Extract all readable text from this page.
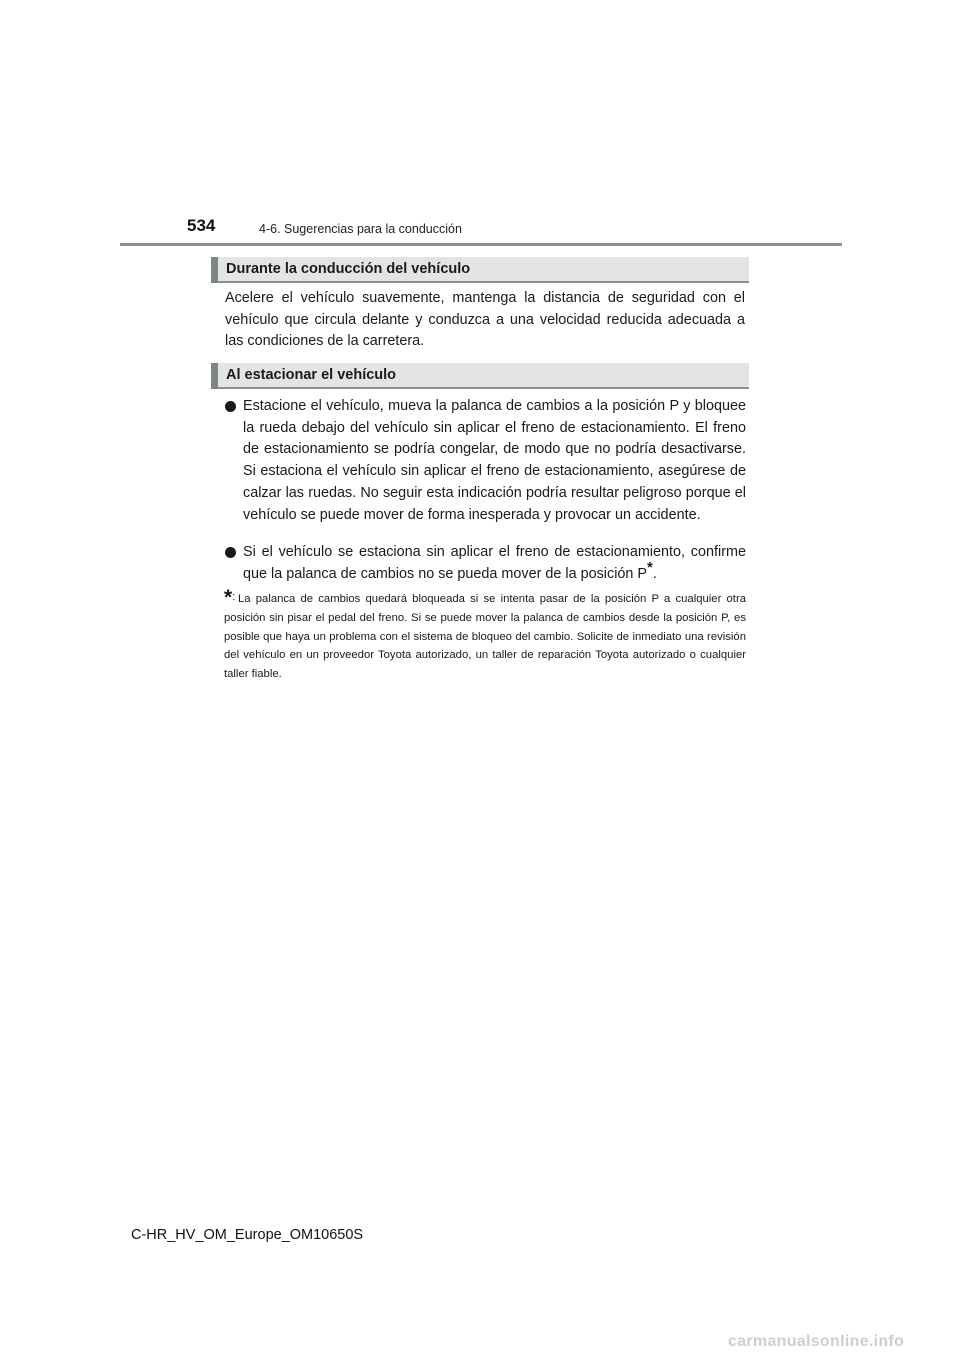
534	4-6. Sugerencias para la conducción
Durante la conducción del vehículo
Acelere el vehículo suavemente, mantenga la distancia de seguridad con el vehículo que circula delante y conduzca a una velocidad reducida adecuada a las condiciones de la carretera.
Al estacionar el vehículo
Estacione el vehículo, mueva la palanca de cambios a la posición P y bloquee la rueda debajo del vehículo sin aplicar el freno de estacionamiento. El freno de estacionamiento se podría congelar, de modo que no podría desactivarse. Si estaciona el vehículo sin aplicar el freno de estacionamiento, asegúrese de calzar las ruedas. No seguir esta indicación podría resultar peligroso porque el vehículo se puede mover de forma inesperada y provocar un accidente.
Si el vehículo se estaciona sin aplicar el freno de estacionamiento, confirme que la palanca de cambios no se pueda mover de la posición P*.
*: La palanca de cambios quedará bloqueada si se intenta pasar de la posición P a cualquier otra posición sin pisar el pedal del freno. Si se puede mover la palanca de cambios desde la posición P, es posible que haya un problema con el sistema de bloqueo del cambio. Solicite de inmediato una revisión del vehículo en un proveedor Toyota autorizado, un taller de reparación Toyota autorizado o cualquier taller fiable.
C-HR_HV_OM_Europe_OM10650S
carmanualsonline.info
